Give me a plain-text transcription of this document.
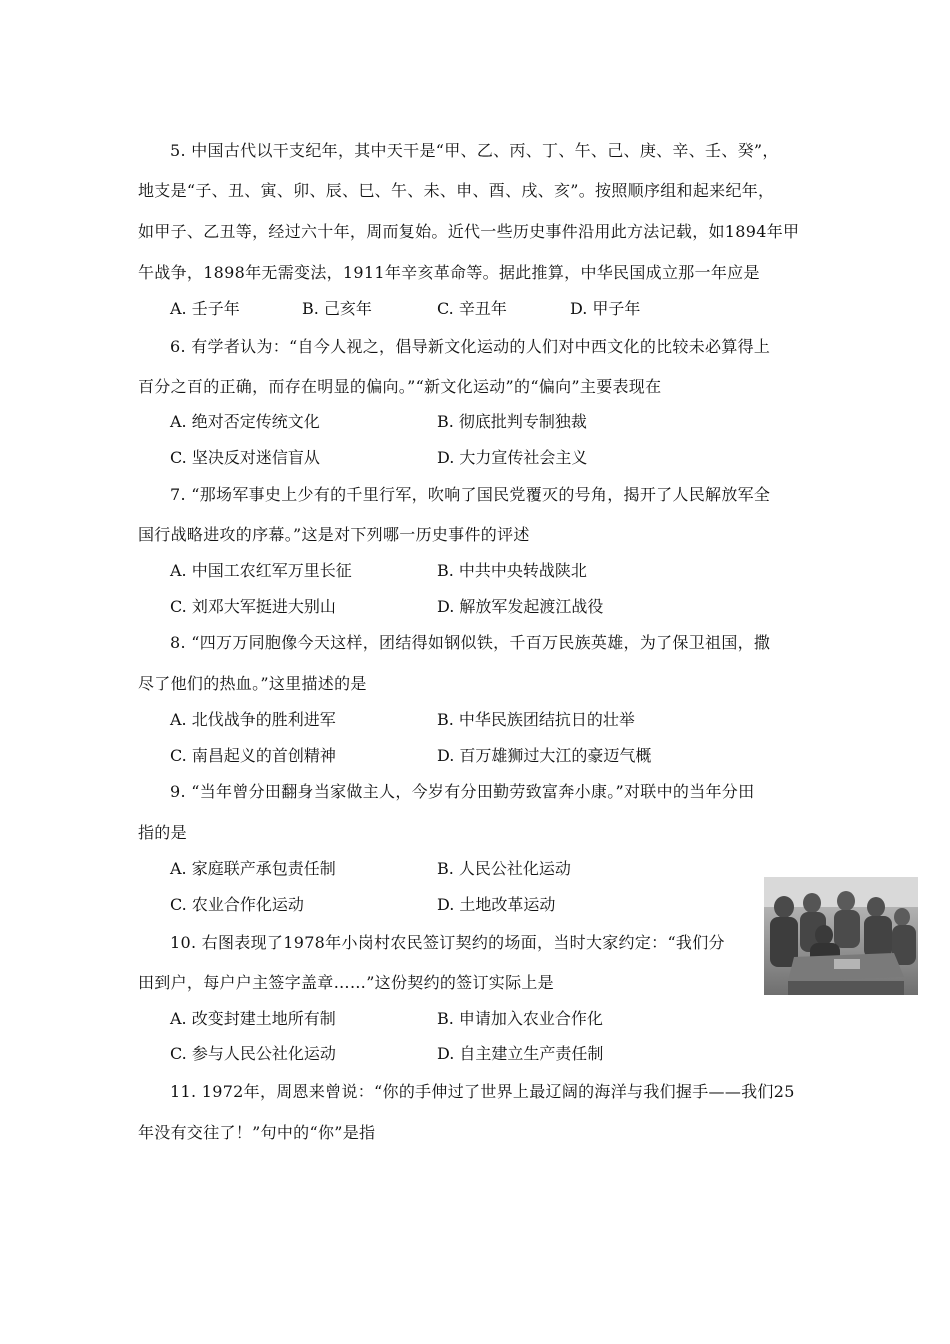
5. 中国古代以干支纪年，其中天干是“甲、乙、丙、丁、午、己、庚、辛、壬、癸”，
地支是“子、丑、寅、卯、辰、巳、午、未、申、酉、戌、亥”。按照顺序组和起来纪年，
如甲子、乙丑等，经过六十年，周而复始。近代一些历史事件沿用此方法记载，如1894年甲
午战争，1898年无需变法，1911年辛亥革命等。据此推算，中华民国成立那一年应是
A. 壬子年	B. 己亥年	C. 辛丑年	D. 甲子年
6. 有学者认为：“自今人视之，倡导新文化运动的人们对中西文化的比较未必算得上
百分之百的正确，而存在明显的偏向。”“新文化运动”的“偏向”主要表现在
A. 绝对否定传统文化	B. 彻底批判专制独裁
C. 坚决反对迷信盲从	D. 大力宣传社会主义
7. “那场军事史上少有的千里行军，吹响了国民党覆灭的号角，揭开了人民解放军全
国行战略进攻的序幕。”这是对下列哪一历史事件的评述
A. 中国工农红军万里长征	B. 中共中央转战陕北
C. 刘邓大军挺进大别山	D. 解放军发起渡江战役
8. “四万万同胞像今天这样，团结得如钢似铁，千百万民族英雄，为了保卫祖国，撒
尽了他们的热血。”这里描述的是
A. 北伐战争的胜利进军	B. 中华民族团结抗日的壮举
C. 南昌起义的首创精神	D. 百万雄狮过大江的豪迈气概
9. “当年曾分田翻身当家做主人，今岁有分田勤劳致富奔小康。”对联中的当年分田
指的是
A. 家庭联产承包责任制	B. 人民公社化运动
C. 农业合作化运动	D. 土地改革运动
10. 右图表现了1978年小岗村农民签订契约的场面，当时大家约定：“我们分
田到户，每户户主签字盖章……”这份契约的签订实际上是
A. 改变封建土地所有制	B. 申请加入农业合作化
C. 参与人民公社化运动	D. 自主建立生产责任制
11. 1972年，周恩来曾说：“你的手伸过了世界上最辽阔的海洋与我们握手——我们25
年没有交往了！”句中的“你”是指
